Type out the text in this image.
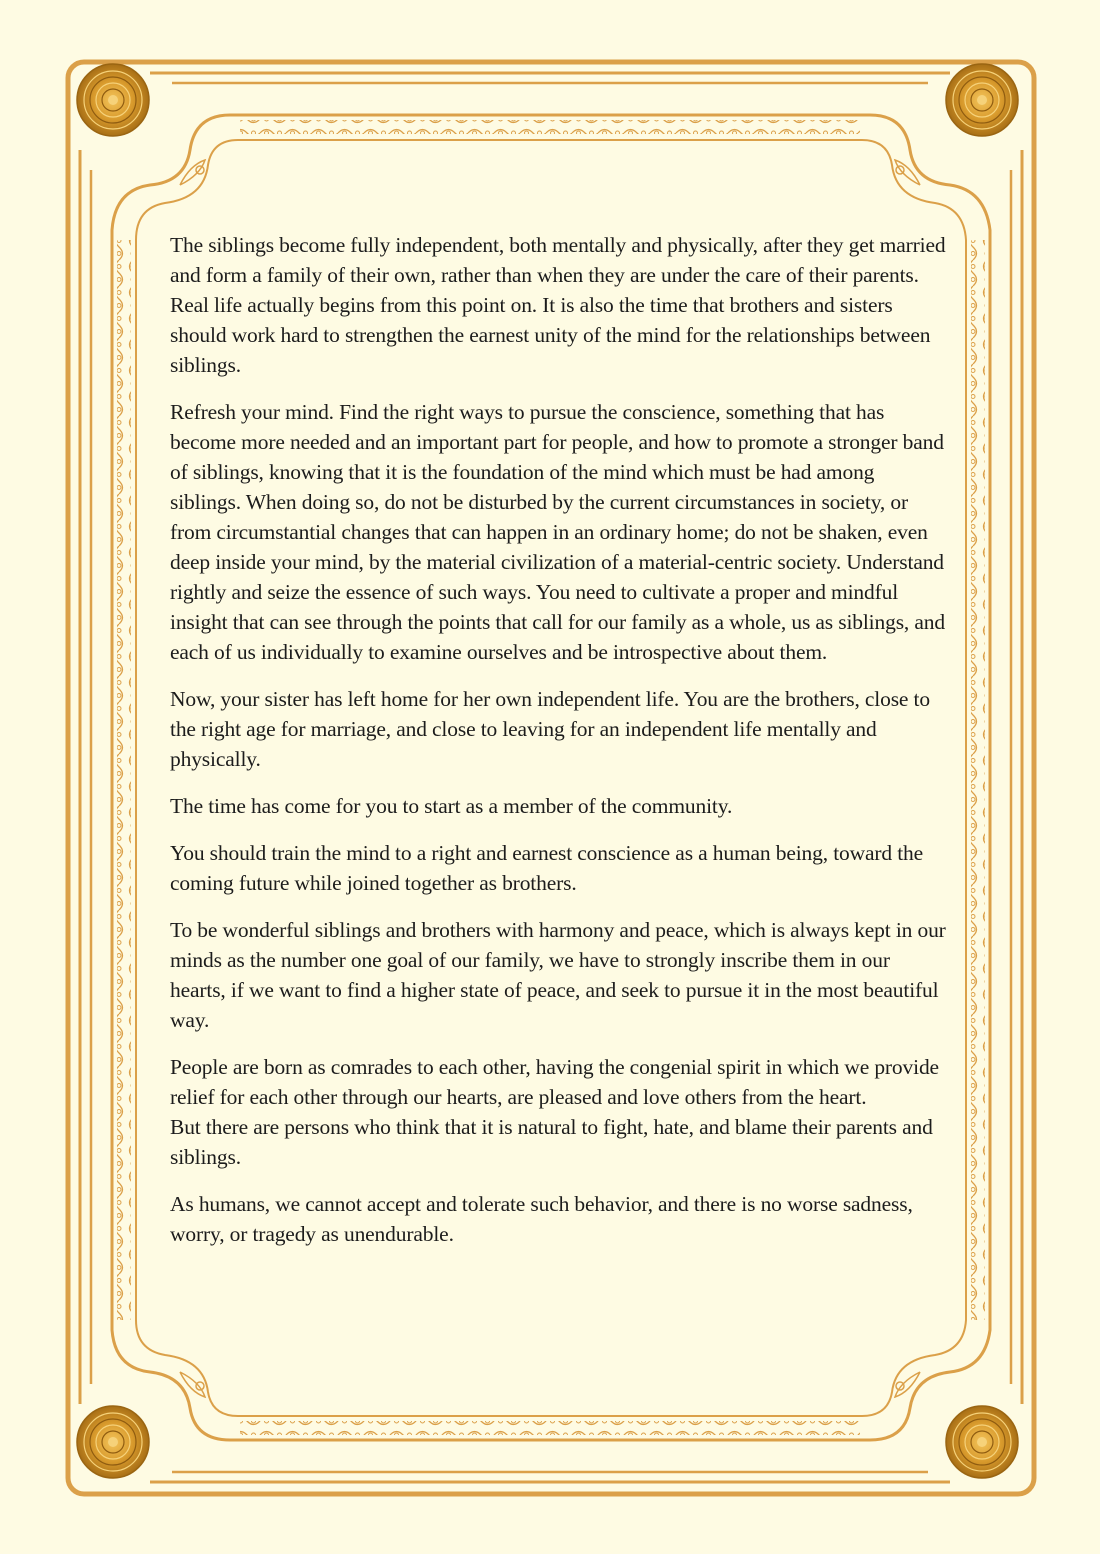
The siblings become fully independent, both mentally and physically, after they get married and form a family of their own, rather than when they are under the care of their parents.
Real life actually begins from this point on. It is also the time that brothers and sisters should work hard to strengthen the earnest unity of the mind for the relationships between siblings.

Refresh your mind. Find the right ways to pursue the conscience, something that has become more needed and an important part for people, and how to promote a stronger band of siblings, knowing that it is the foundation of the mind which must be had among siblings. When doing so, do not be disturbed by the current circumstances in society, or from circumstantial changes that can happen in an ordinary home; do not be shaken, even deep inside your mind, by the material civilization of a material-centric society. Understand rightly and seize the essence of such ways. You need to cultivate a proper and mindful insight that can see through the points that call for our family as a whole, us as siblings, and each of us individually to examine ourselves and be introspective about them.

Now, your sister has left home for her own independent life. You are the brothers, close to the right age for marriage, and close to leaving for an independent life mentally and physically.

The time has come for you to start as a member of the community.

You should train the mind to a right and earnest conscience as a human being, toward the coming future while joined together as brothers.

To be wonderful siblings and brothers with harmony and peace, which is always kept in our minds as the number one goal of our family, we have to strongly inscribe them in our hearts, if we want to find a higher state of peace, and seek to pursue it in the most beautiful way.

People are born as comrades to each other, having the congenial spirit in which we provide relief for each other through our hearts, are pleased and love others from the heart.
But there are persons who think that it is natural to fight, hate, and blame their parents and siblings.

As humans, we cannot accept and tolerate such behavior, and there is no worse sadness, worry, or tragedy as unendurable.
